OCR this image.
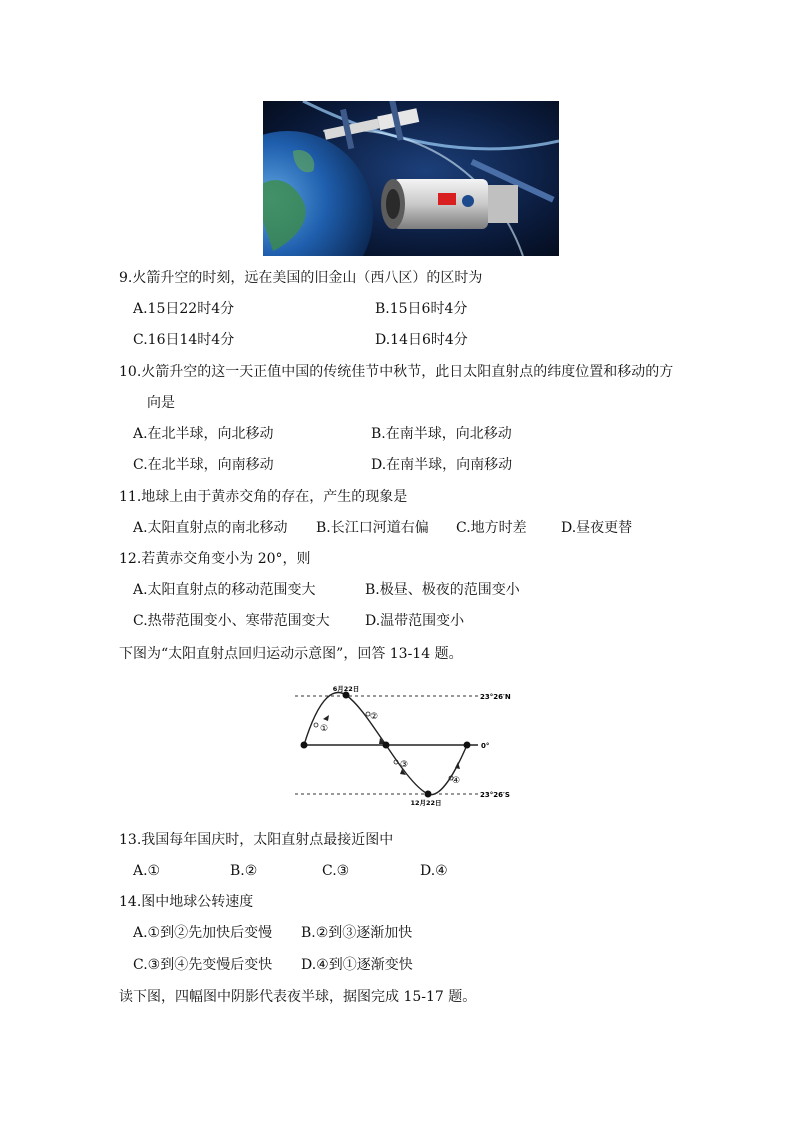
9.火箭升空的时刻，远在美国的旧金山（西八区）的区时为
A.15日22时4分	B.15日6时4分
C.16日14时4分	D.14日6时4分
10.火箭升空的这一天正值中国的传统佳节中秋节，此日太阳直射点的纬度位置和移动的方
向是
A.在北半球，向北移动	B.在南半球，向北移动
C.在北半球，向南移动	D.在南半球，向南移动
11.地球上由于黄赤交角的存在，产生的现象是
A.太阳直射点的南北移动 B.长江口河道右偏 C.地方时差 D.昼夜更替
12.若黄赤交角变小为 20°，则
A.太阳直射点的移动范围变大	B.极昼、极夜的范围变小
C.热带范围变小、寒带范围变大	D.温带范围变小
下图为“太阳直射点回归运动示意图”，回答 13-14 题。
6月22日
12月22日
23°26′N
0°
23°26′S
①
②
③
④
13.我国每年国庆时，太阳直射点最接近图中
A.①	B.②	C.③	D.④
14.图中地球公转速度
A.①到②先加快后变慢 B.②到③逐渐加快
C.③到④先变慢后变快 D.④到①逐渐变快
读下图，四幅图中阴影代表夜半球，据图完成 15-17 题。
